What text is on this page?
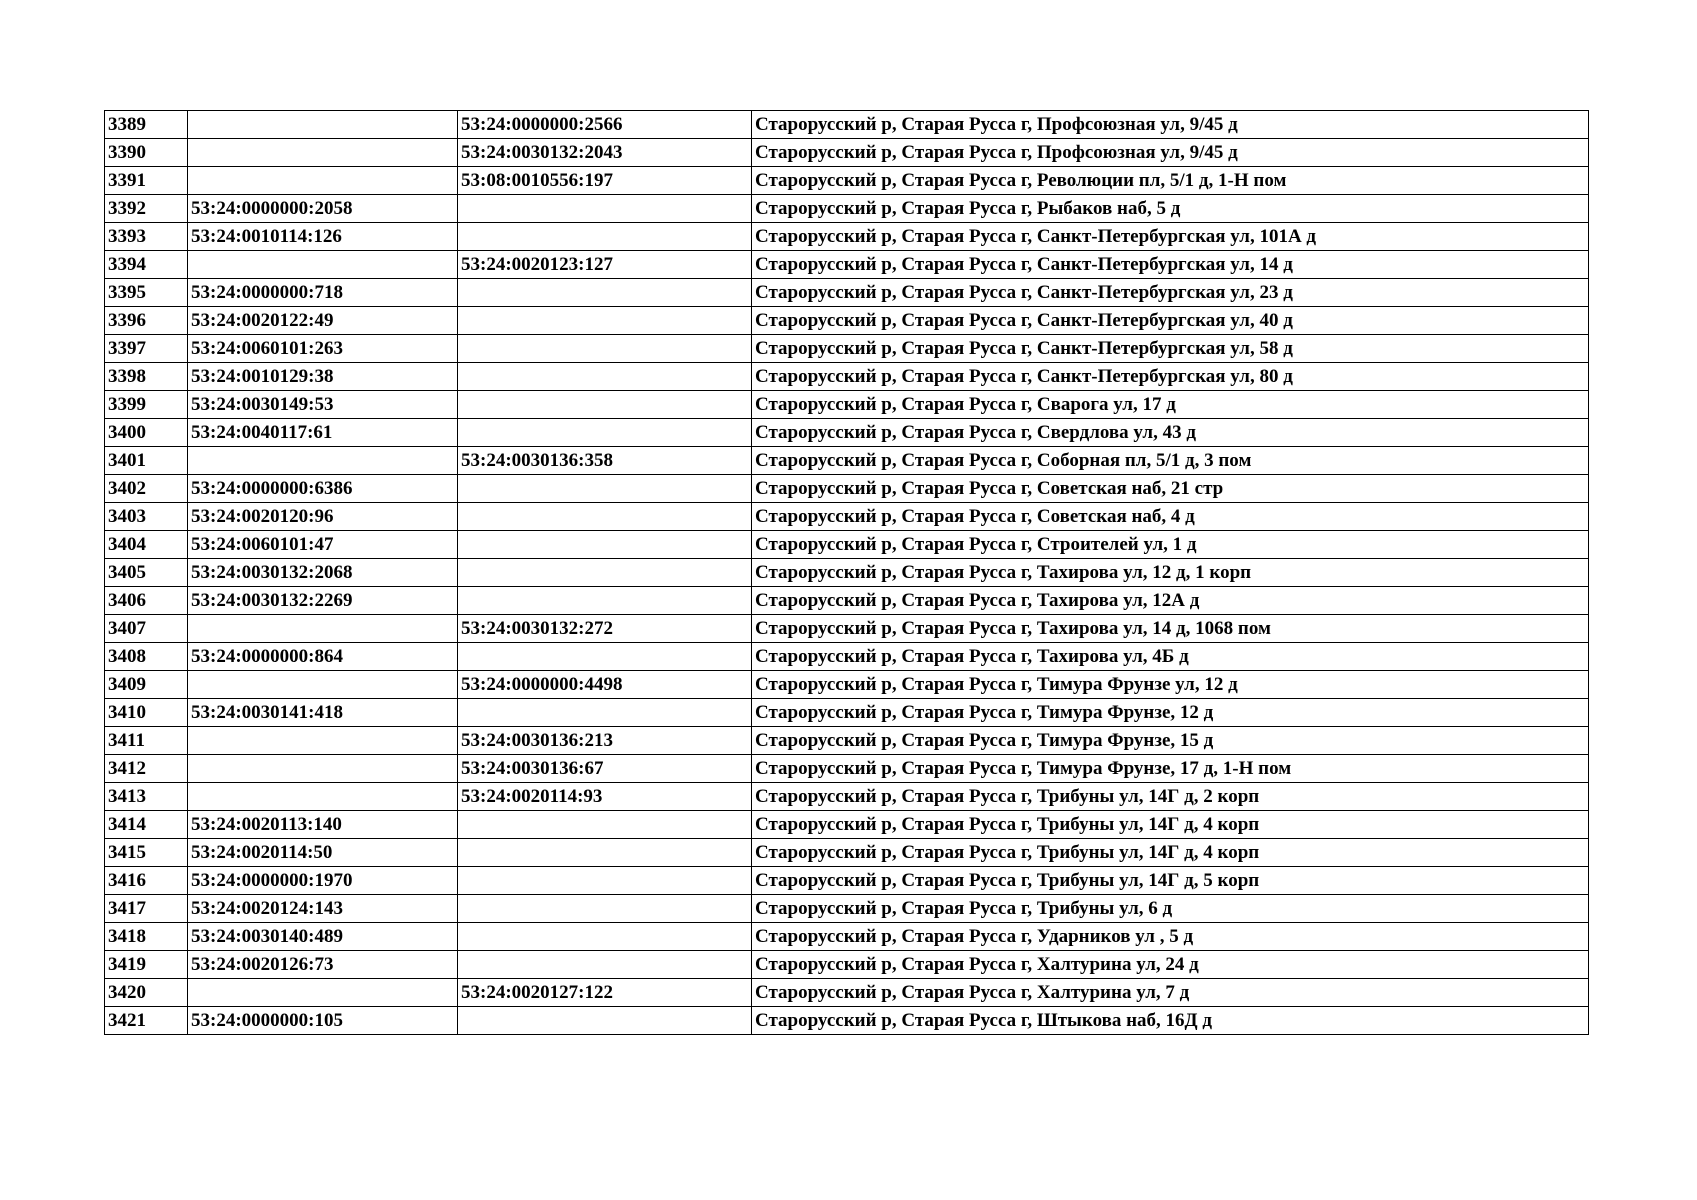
3389		53:24:0000000:2566	Старорусский р, Старая Русса г, Профсоюзная ул, 9/45 д
3390		53:24:0030132:2043	Старорусский р, Старая Русса г, Профсоюзная ул, 9/45 д
3391		53:08:0010556:197	Старорусский р, Старая Русса г, Революции пл, 5/1 д, 1-Н пом
3392	53:24:0000000:2058		Старорусский р, Старая Русса г, Рыбаков наб, 5 д
3393	53:24:0010114:126		Старорусский р, Старая Русса г, Санкт-Петербургская ул, 101А д
3394		53:24:0020123:127	Старорусский р, Старая Русса г, Санкт-Петербургская ул, 14 д
3395	53:24:0000000:718		Старорусский р, Старая Русса г, Санкт-Петербургская ул, 23 д
3396	53:24:0020122:49		Старорусский р, Старая Русса г, Санкт-Петербургская ул, 40 д
3397	53:24:0060101:263		Старорусский р, Старая Русса г, Санкт-Петербургская ул, 58 д
3398	53:24:0010129:38		Старорусский р, Старая Русса г, Санкт-Петербургская ул, 80 д
3399	53:24:0030149:53		Старорусский р, Старая Русса г, Сварога ул, 17 д
3400	53:24:0040117:61		Старорусский р, Старая Русса г, Свердлова ул, 43 д
3401		53:24:0030136:358	Старорусский р, Старая Русса г, Соборная пл, 5/1 д, 3 пом
3402	53:24:0000000:6386		Старорусский р, Старая Русса г, Советская наб, 21 стр
3403	53:24:0020120:96		Старорусский р, Старая Русса г, Советская наб, 4 д
3404	53:24:0060101:47		Старорусский р, Старая Русса г, Строителей ул, 1 д
3405	53:24:0030132:2068		Старорусский р, Старая Русса г, Тахирова ул, 12 д, 1 корп
3406	53:24:0030132:2269		Старорусский р, Старая Русса г, Тахирова ул, 12А д
3407		53:24:0030132:272	Старорусский р, Старая Русса г, Тахирова ул, 14 д, 1068 пом
3408	53:24:0000000:864		Старорусский р, Старая Русса г, Тахирова ул, 4Б д
3409		53:24:0000000:4498	Старорусский р, Старая Русса г, Тимура Фрунзе ул, 12 д
3410	53:24:0030141:418		Старорусский р, Старая Русса г, Тимура Фрунзе, 12 д
3411		53:24:0030136:213	Старорусский р, Старая Русса г, Тимура Фрунзе, 15 д
3412		53:24:0030136:67	Старорусский р, Старая Русса г, Тимура Фрунзе, 17 д, 1-Н пом
3413		53:24:0020114:93	Старорусский р, Старая Русса г, Трибуны ул, 14Г д, 2 корп
3414	53:24:0020113:140		Старорусский р, Старая Русса г, Трибуны ул, 14Г д, 4 корп
3415	53:24:0020114:50		Старорусский р, Старая Русса г, Трибуны ул, 14Г д, 4 корп
3416	53:24:0000000:1970		Старорусский р, Старая Русса г, Трибуны ул, 14Г д, 5 корп
3417	53:24:0020124:143		Старорусский р, Старая Русса г, Трибуны ул, 6 д
3418	53:24:0030140:489		Старорусский р, Старая Русса г, Ударников ул , 5 д
3419	53:24:0020126:73		Старорусский р, Старая Русса г, Халтурина ул, 24 д
3420		53:24:0020127:122	Старорусский р, Старая Русса г, Халтурина ул, 7 д
3421	53:24:0000000:105		Старорусский р, Старая Русса г, Штыкова наб, 16Д д
